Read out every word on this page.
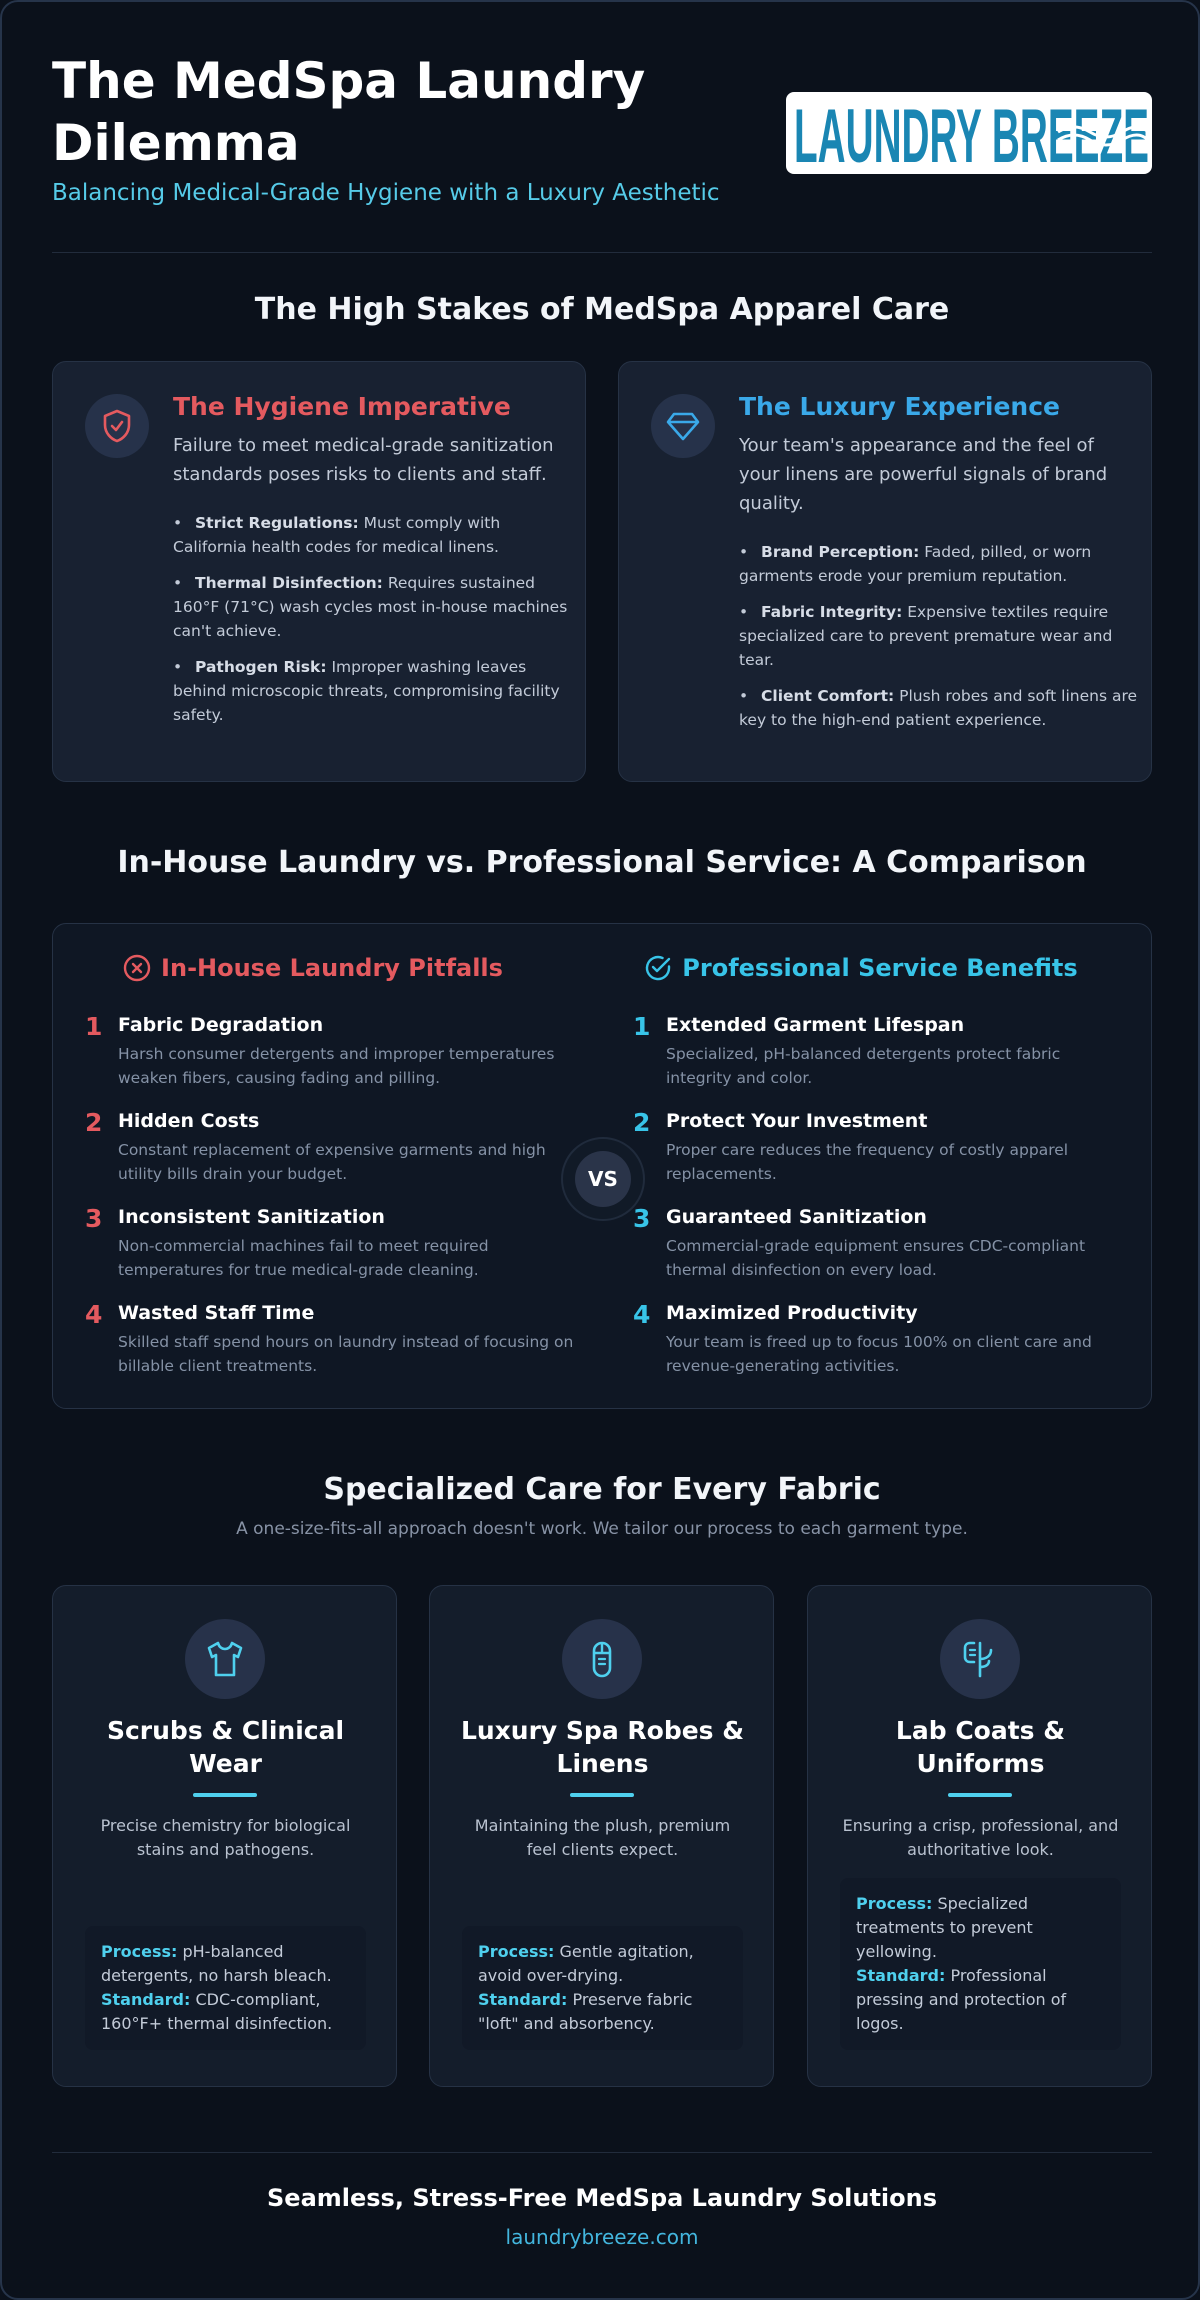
The MedSpa Laundry Dilemma
Balancing Medical-Grade Hygiene with a Luxury Aesthetic
LAUNDRY BREEZE
The High Stakes of MedSpa Apparel Care
The Hygiene Imperative
Failure to meet medical-grade sanitization standards poses risks to clients and staff.
• Strict Regulations: Must comply with California health codes for medical linens.
• Thermal Disinfection: Requires sustained 160°F (71°C) wash cycles most in-house machines can't achieve.
• Pathogen Risk: Improper washing leaves behind microscopic threats, compromising facility safety.
The Luxury Experience
Your team's appearance and the feel of your linens are powerful signals of brand quality.
• Brand Perception: Faded, pilled, or worn garments erode your premium reputation.
• Fabric Integrity: Expensive textiles require specialized care to prevent premature wear and tear.
• Client Comfort: Plush robes and soft linens are key to the high-end patient experience.
In-House Laundry vs. Professional Service: A Comparison
In-House Laundry Pitfalls
1 Fabric Degradation
Harsh consumer detergents and improper temperatures weaken fibers, causing fading and pilling.
2 Hidden Costs
Constant replacement of expensive garments and high utility bills drain your budget.
3 Inconsistent Sanitization
Non-commercial machines fail to meet required temperatures for true medical-grade cleaning.
4 Wasted Staff Time
Skilled staff spend hours on laundry instead of focusing on billable client treatments.
VS
Professional Service Benefits
1 Extended Garment Lifespan
Specialized, pH-balanced detergents protect fabric integrity and color.
2 Protect Your Investment
Proper care reduces the frequency of costly apparel replacements.
3 Guaranteed Sanitization
Commercial-grade equipment ensures CDC-compliant thermal disinfection on every load.
4 Maximized Productivity
Your team is freed up to focus 100% on client care and revenue-generating activities.
Specialized Care for Every Fabric
A one-size-fits-all approach doesn't work. We tailor our process to each garment type.
Scrubs & Clinical Wear
Precise chemistry for biological stains and pathogens.
Process: pH-balanced detergents, no harsh bleach.
Standard: CDC-compliant, 160°F+ thermal disinfection.
Luxury Spa Robes & Linens
Maintaining the plush, premium feel clients expect.
Process: Gentle agitation, avoid over-drying.
Standard: Preserve fabric "loft" and absorbency.
Lab Coats & Uniforms
Ensuring a crisp, professional, and authoritative look.
Process: Specialized treatments to prevent yellowing.
Standard: Professional pressing and protection of logos.
Seamless, Stress-Free MedSpa Laundry Solutions
laundrybreeze.com
